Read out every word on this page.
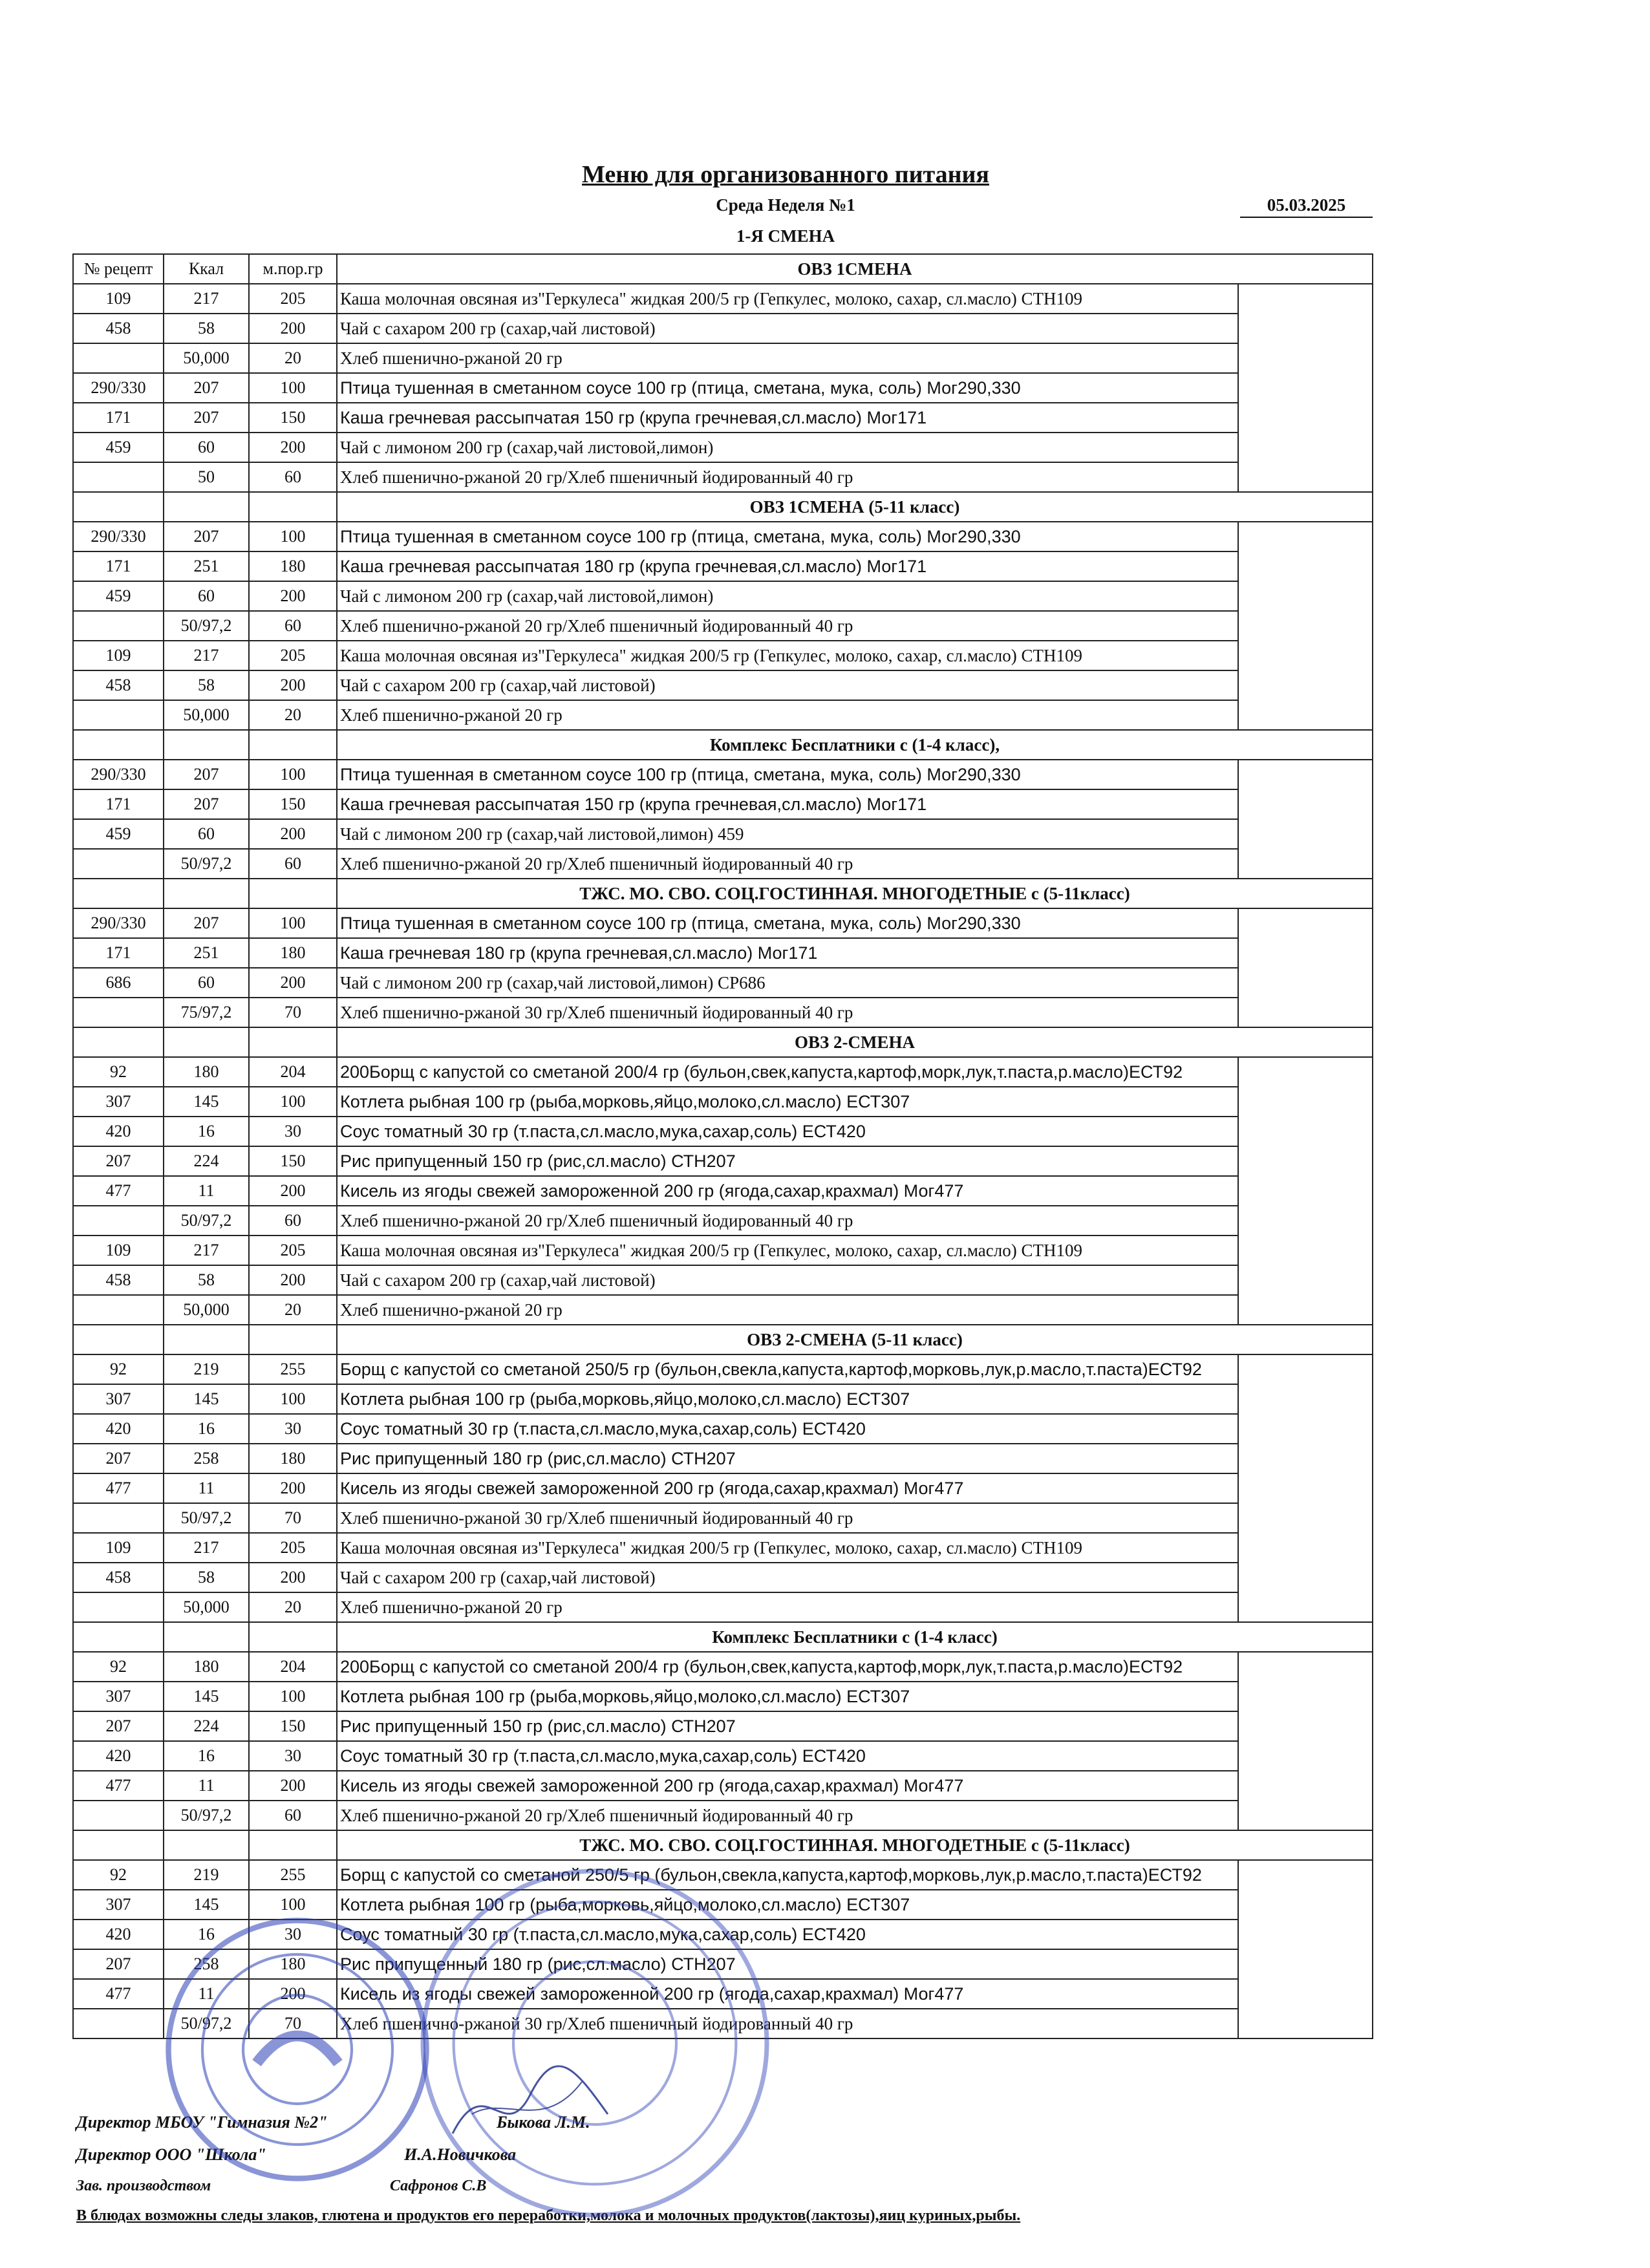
Меню для организованного питания
Среда Неделя №1	05.03.2025
1-Я СМЕНА
№ рецепт	Ккал	м.пор.гр	ОВЗ 1СМЕНА	
109	217	205	Каша молочная овсяная из"Геркулеса" жидкая 200/5 гр (Гепкулес, молоко, сахар, сл.масло) СТН109	
458	58	200	Чай с сахаром 200 гр (сахар,чай листовой)	
	50,000	20	Хлеб пшенично-ржаной 20 гр	
290/330	207	100	Птица тушенная в сметанном соусе 100 гр (птица, сметана, мука, соль) Мог290,330	
171	207	150	Каша гречневая рассыпчатая 150 гр (крупа гречневая,сл.масло) Мог171	
459	60	200	Чай с лимоном 200 гр (сахар,чай листовой,лимон)	
	50	60	Хлеб пшенично-ржаной 20 гр/Хлеб пшеничный йодированный 40 гр	
			ОВЗ 1СМЕНА (5-11 класс)	
290/330	207	100	Птица тушенная в сметанном соусе 100 гр (птица, сметана, мука, соль) Мог290,330	
171	251	180	Каша гречневая рассыпчатая 180 гр (крупа гречневая,сл.масло) Мог171	
459	60	200	Чай с лимоном 200 гр (сахар,чай листовой,лимон)	
	50/97,2	60	Хлеб пшенично-ржаной 20 гр/Хлеб пшеничный йодированный 40 гр	
109	217	205	Каша молочная овсяная из"Геркулеса" жидкая 200/5 гр (Гепкулес, молоко, сахар, сл.масло) СТН109	
458	58	200	Чай с сахаром 200 гр (сахар,чай листовой)	
	50,000	20	Хлеб пшенично-ржаной 20 гр	
			Комплекс Бесплатники с (1-4 класс),	
290/330	207	100	Птица тушенная в сметанном соусе 100 гр (птица, сметана, мука, соль) Мог290,330	
171	207	150	Каша гречневая рассыпчатая 150 гр (крупа гречневая,сл.масло) Мог171	
459	60	200	Чай с лимоном 200 гр (сахар,чай листовой,лимон) 459	
	50/97,2	60	Хлеб пшенично-ржаной 20 гр/Хлеб пшеничный йодированный 40 гр	
			ТЖС. МО. СВО. СОЦ.ГОСТИННАЯ. МНОГОДЕТНЫЕ с (5-11класс)	
290/330	207	100	Птица тушенная в сметанном соусе 100 гр (птица, сметана, мука, соль) Мог290,330	
171	251	180	Каша гречневая 180 гр (крупа гречневая,сл.масло) Мог171	
686	60	200	Чай с лимоном 200 гр (сахар,чай листовой,лимон) СР686	
	75/97,2	70	Хлеб пшенично-ржаной 30 гр/Хлеб пшеничный йодированный 40 гр	
			ОВЗ 2-СМЕНА	
92	180	204	200Борщ с капустой со сметаной 200/4 гр (бульон,свек,капуста,картоф,морк,лук,т.паста,р.масло)ЕСТ92	
307	145	100	Котлета рыбная 100 гр (рыба,морковь,яйцо,молоко,сл.масло) ЕСТ307	
420	16	30	Соус томатный 30 гр (т.паста,сл.масло,мука,сахар,соль) ЕСТ420	
207	224	150	Рис припущенный 150 гр (рис,сл.масло) СТН207	
477	11	200	Кисель из ягоды свежей замороженной 200 гр (ягода,сахар,крахмал) Мог477	
	50/97,2	60	Хлеб пшенично-ржаной 20 гр/Хлеб пшеничный йодированный 40 гр	
109	217	205	Каша молочная овсяная из"Геркулеса" жидкая 200/5 гр (Гепкулес, молоко, сахар, сл.масло) СТН109	
458	58	200	Чай с сахаром 200 гр (сахар,чай листовой)	
	50,000	20	Хлеб пшенично-ржаной 20 гр	
			ОВЗ 2-СМЕНА (5-11 класс)	
92	219	255	Борщ с капустой со сметаной 250/5 гр (бульон,свекла,капуста,картоф,морковь,лук,р.масло,т.паста)ЕСТ92	
307	145	100	Котлета рыбная 100 гр (рыба,морковь,яйцо,молоко,сл.масло) ЕСТ307	
420	16	30	Соус томатный 30 гр (т.паста,сл.масло,мука,сахар,соль) ЕСТ420	
207	258	180	Рис припущенный 180 гр (рис,сл.масло) СТН207	
477	11	200	Кисель из ягоды свежей замороженной 200 гр (ягода,сахар,крахмал) Мог477	
	50/97,2	70	Хлеб пшенично-ржаной 30 гр/Хлеб пшеничный йодированный 40 гр	
109	217	205	Каша молочная овсяная из"Геркулеса" жидкая 200/5 гр (Гепкулес, молоко, сахар, сл.масло) СТН109	
458	58	200	Чай с сахаром 200 гр (сахар,чай листовой)	
	50,000	20	Хлеб пшенично-ржаной 20 гр	
			Комплекс Бесплатники с (1-4 класс)	
92	180	204	200Борщ с капустой со сметаной 200/4 гр (бульон,свек,капуста,картоф,морк,лук,т.паста,р.масло)ЕСТ92	
307	145	100	Котлета рыбная 100 гр (рыба,морковь,яйцо,молоко,сл.масло) ЕСТ307	
207	224	150	Рис припущенный 150 гр (рис,сл.масло) СТН207	
420	16	30	Соус томатный 30 гр (т.паста,сл.масло,мука,сахар,соль) ЕСТ420	
477	11	200	Кисель из ягоды свежей замороженной 200 гр (ягода,сахар,крахмал) Мог477	
	50/97,2	60	Хлеб пшенично-ржаной 20 гр/Хлеб пшеничный йодированный 40 гр	
			ТЖС. МО. СВО. СОЦ.ГОСТИННАЯ. МНОГОДЕТНЫЕ с (5-11класс)	
92	219	255	Борщ с капустой со сметаной 250/5 гр (бульон,свекла,капуста,картоф,морковь,лук,р.масло,т.паста)ЕСТ92	
307	145	100	Котлета рыбная 100 гр (рыба,морковь,яйцо,молоко,сл.масло) ЕСТ307	
420	16	30	Соус томатный 30 гр (т.паста,сл.масло,мука,сахар,соль) ЕСТ420	
207	258	180	Рис припущенный 180 гр (рис,сл.масло) СТН207	
477	11	200	Кисель из ягоды свежей замороженной 200 гр (ягода,сахар,крахмал) Мог477	
	50/97,2	70	Хлеб пшенично-ржаной 30 гр/Хлеб пшеничный йодированный 40 гр	
Директор МБОУ "Гимназия №2"	Быкова Л.М.
Директор ООО "Школа"	И.А.Новичкова
Зав. производством	Сафронов С.В
В блюдах возможны следы злаков, глютена и продуктов его переработки,молока и молочных продуктов(лактозы),яиц куриных,рыбы.
